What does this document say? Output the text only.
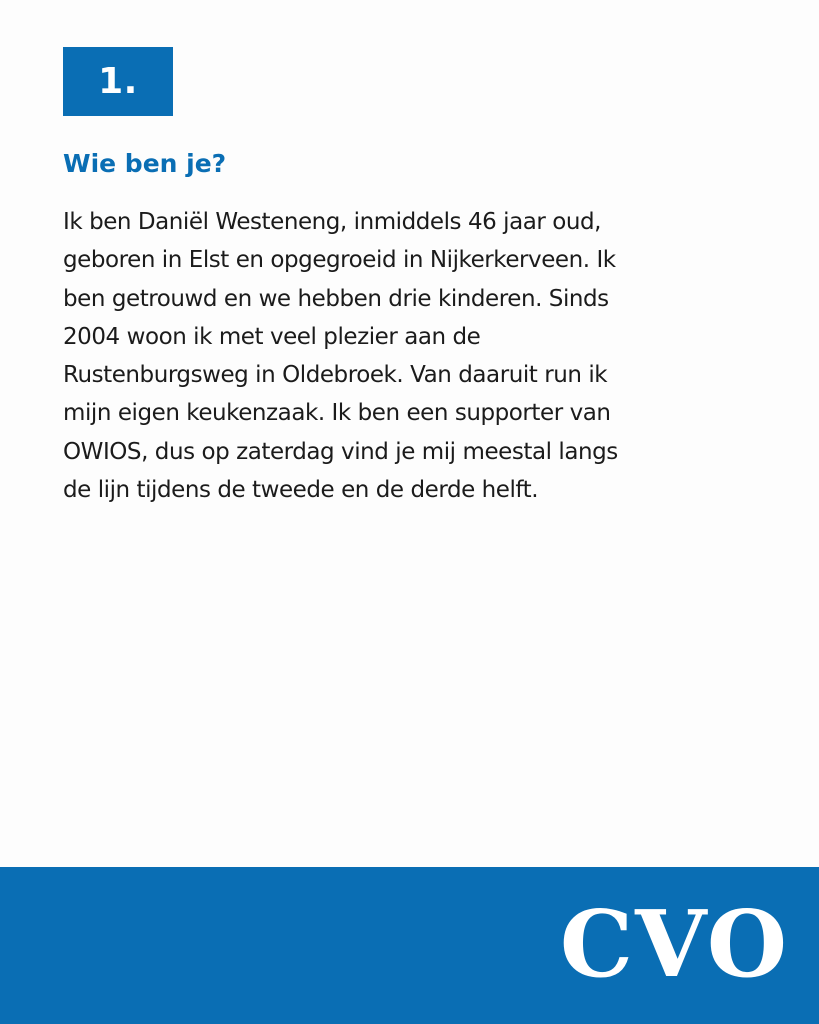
1.
Wie ben je?

Ik ben Daniël Westeneng, inmiddels 46 jaar oud,
geboren in Elst en opgegroeid in Nijkerkerveen. Ik
ben getrouwd en we hebben drie kinderen. Sinds
2004 woon ik met veel plezier aan de
Rustenburgsweg in Oldebroek. Van daaruit run ik
mijn eigen keukenzaak. Ik ben een supporter van
OWIOS, dus op zaterdag vind je mij meestal langs
de lijn tijdens de tweede en de derde helft.

CVO
